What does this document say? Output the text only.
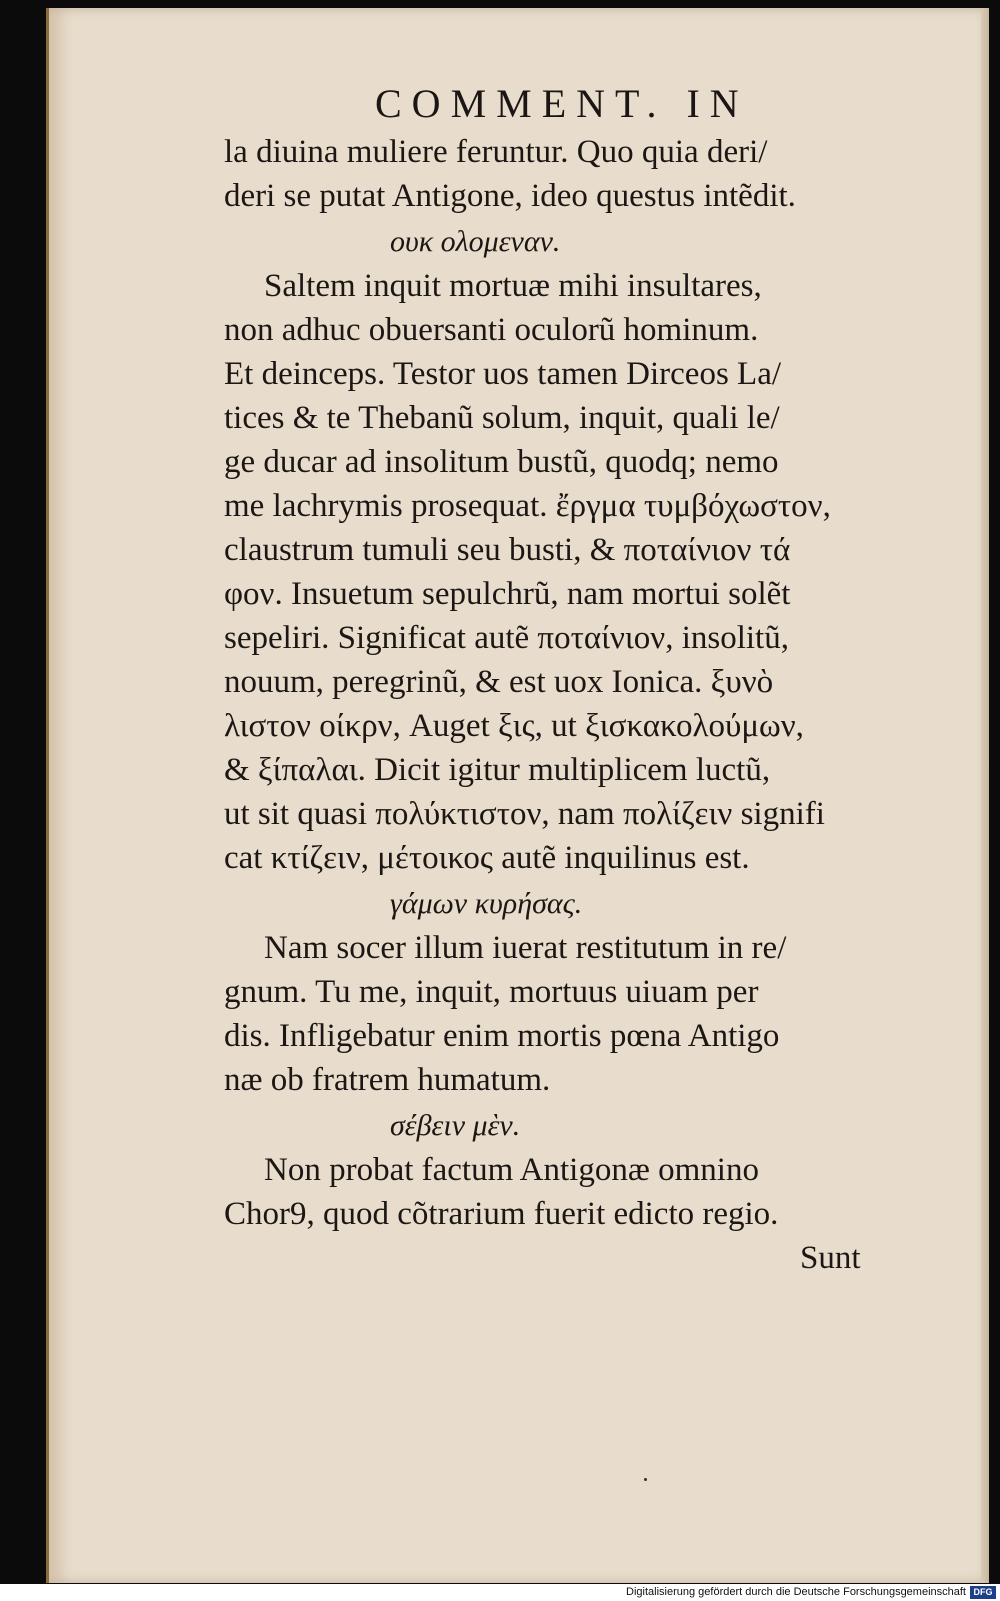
COMMENT. IN
la diuina muliere feruntur. Quo quia deri/
deri se putat Antigone, ideo questus intẽdit.
ουκ ολομεναν.
Saltem inquit mortuæ mihi insultares,
non adhuc obuersanti oculorũ hominum.
Et deinceps. Testor uos tamen Dirceos La/
tices & te Thebanũ solum, inquit, quali le/
ge ducar ad insolitum bustũ, quodq; nemo
me lachrymis prosequat. ἔργμα τυμβόχωστον,
claustrum tumuli seu busti, & ποταίνιον τά
φον. Insuetum sepulchrũ, nam mortui solẽt
sepeliri. Significat autẽ ποταίνιον, insolitũ,
nouum, peregrinũ, & est uox Ionica. ξυνὸ
λιστον οίκρν, Auget ξις, ut ξισκακολούμων,
& ξίπαλαι. Dicit igitur multiplicem luctũ,
ut sit quasi πολύκτιστον, nam πολίζειν signifi
cat κτίζειν, μέτοικος autẽ inquilinus est.
γάμων κυρήσας.
Nam socer illum iuerat restitutum in re/
gnum. Tu me, inquit, mortuus uiuam per
dis. Infligebatur enim mortis pœna Antigo
næ ob fratrem humatum.
σέβειν μὲν.
Non probat factum Antigonæ omnino
Chor9, quod cõtrarium fuerit edicto regio.
Sunt
Digitalisierung gefördert durch die Deutsche Forschungsgemeinschaft DFG
